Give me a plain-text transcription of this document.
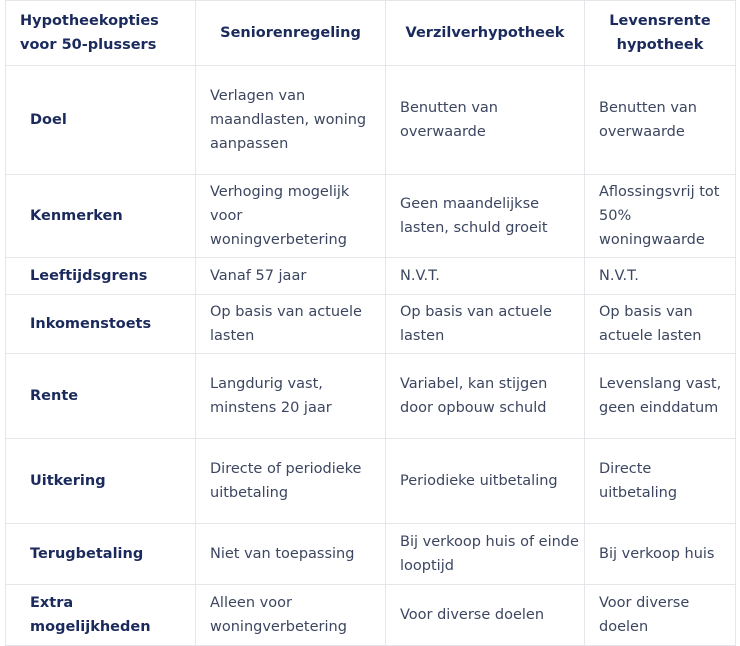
Hypotheekopties voor 50-plussers	Seniorenregeling	Verzilverhypotheek	Levensrente hypotheek
Doel	Verlagen van maandlasten, woning aanpassen	Benutten van overwaarde	Benutten van overwaarde
Kenmerken	Verhoging mogelijk voor woningverbetering	Geen maandelijkse lasten, schuld groeit	Aflossingsvrij tot 50% woningwaarde
Leeftijdsgrens	Vanaf 57 jaar	N.V.T.	N.V.T.
Inkomenstoets	Op basis van actuele lasten	Op basis van actuele lasten	Op basis van actuele lasten
Rente	Langdurig vast, minstens 20 jaar	Variabel, kan stijgen door opbouw schuld	Levenslang vast, geen einddatum
Uitkering	Directe of periodieke uitbetaling	Periodieke uitbetaling	Directe uitbetaling
Terugbetaling	Niet van toepassing	Bij verkoop huis of einde looptijd	Bij verkoop huis
Extra mogelijkheden	Alleen voor woningverbetering	Voor diverse doelen	Voor diverse doelen
